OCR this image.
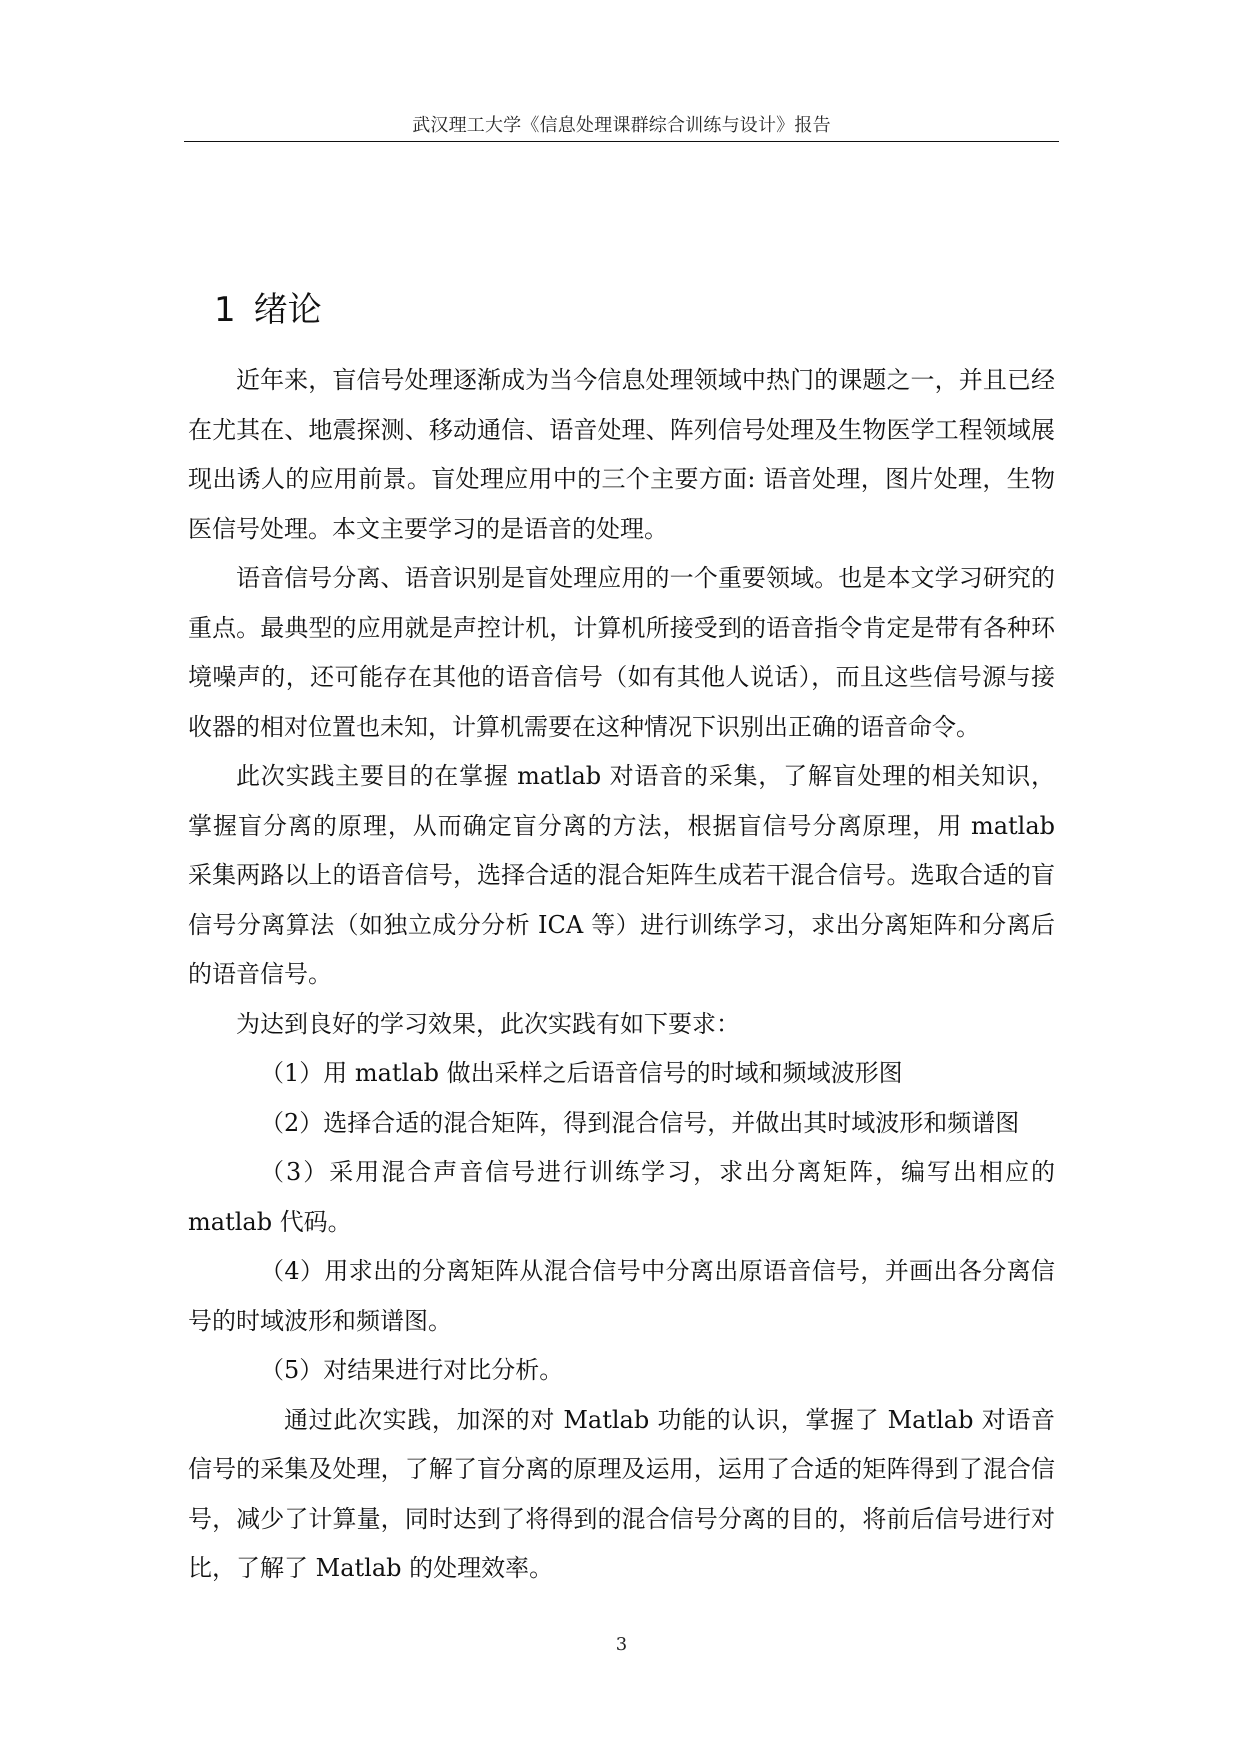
武汉理工大学《信息处理课群综合训练与设计》报告
1 绪论

近年来，盲信号处理逐渐成为当今信息处理领域中热门的课题之一，并且已经在尤其在、地震探测、移动通信、语音处理、阵列信号处理及生物医学工程领域展现出诱人的应用前景。盲处理应用中的三个主要方面: 语音处理，图片处理，生物医信号处理。本文主要学习的是语音的处理。

语音信号分离、语音识别是盲处理应用的一个重要领域。也是本文学习研究的重点。最典型的应用就是声控计机，计算机所接受到的语音指令肯定是带有各种环境噪声的，还可能存在其他的语音信号（如有其他人说话），而且这些信号源与接收器的相对位置也未知，计算机需要在这种情况下识别出正确的语音命令。

此次实践主要目的在掌握 matlab 对语音的采集，了解盲处理的相关知识，掌握盲分离的原理，从而确定盲分离的方法，根据盲信号分离原理，用 matlab 采集两路以上的语音信号，选择合适的混合矩阵生成若干混合信号。选取合适的盲信号分离算法（如独立成分分析 ICA 等）进行训练学习，求出分离矩阵和分离后的语音信号。

为达到良好的学习效果，此次实践有如下要求：

（1）用 matlab 做出采样之后语音信号的时域和频域波形图

（2）选择合适的混合矩阵，得到混合信号，并做出其时域波形和频谱图

（3）采用混合声音信号进行训练学习，求出分离矩阵，编写出相应的 matlab 代码。

（4）用求出的分离矩阵从混合信号中分离出原语音信号，并画出各分离信号的时域波形和频谱图。

（5）对结果进行对比分析。

通过此次实践，加深的对 Matlab 功能的认识，掌握了 Matlab 对语音信号的采集及处理，了解了盲分离的原理及运用，运用了合适的矩阵得到了混合信号，减少了计算量，同时达到了将得到的混合信号分离的目的，将前后信号进行对比，了解了 Matlab 的处理效率。

3
